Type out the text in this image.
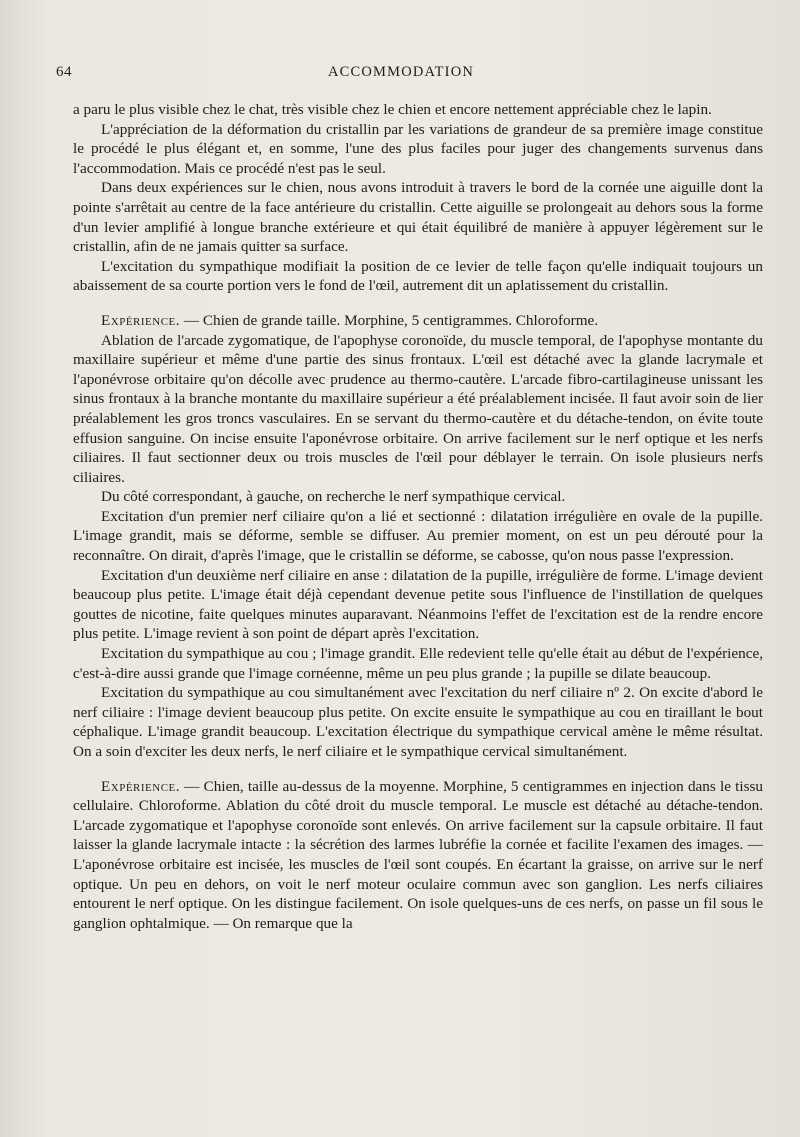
64	ACCOMMODATION

a paru le plus visible chez le chat, très visible chez le chien et encore nettement appréciable chez le lapin.

L'appréciation de la déformation du cristallin par les variations de grandeur de sa première image constitue le procédé le plus élégant et, en somme, l'une des plus faciles pour juger des changements survenus dans l'accommodation. Mais ce procédé n'est pas le seul.

Dans deux expériences sur le chien, nous avons introduit à travers le bord de la cornée une aiguille dont la pointe s'arrêtait au centre de la face antérieure du cristallin. Cette aiguille se prolongeait au dehors sous la forme d'un levier amplifié à longue branche extérieure et qui était équilibré de manière à appuyer légèrement sur le cristallin, afin de ne jamais quitter sa surface.

L'excitation du sympathique modifiait la position de ce levier de telle façon qu'elle indiquait toujours un abaissement de sa courte portion vers le fond de l'œil, autrement dit un aplatissement du cristallin.

Expérience. — Chien de grande taille. Morphine, 5 centigrammes. Chloroforme.

Ablation de l'arcade zygomatique, de l'apophyse coronoïde, du muscle temporal, de l'apophyse montante du maxillaire supérieur et même d'une partie des sinus frontaux. L'œil est détaché avec la glande lacrymale et l'aponévrose orbitaire qu'on décolle avec prudence au thermo-cautère. L'arcade fibro-cartilagineuse unissant les sinus frontaux à la branche montante du maxillaire supérieur a été préalablement incisée. Il faut avoir soin de lier préalablement les gros troncs vasculaires. En se servant du thermo-cautère et du détache-tendon, on évite toute effusion sanguine. On incise ensuite l'aponévrose orbitaire. On arrive facilement sur le nerf optique et les nerfs ciliaires. Il faut sectionner deux ou trois muscles de l'œil pour déblayer le terrain. On isole plusieurs nerfs ciliaires.

Du côté correspondant, à gauche, on recherche le nerf sympathique cervical.

Excitation d'un premier nerf ciliaire qu'on a lié et sectionné : dilatation irrégulière en ovale de la pupille. L'image grandit, mais se déforme, semble se diffuser. Au premier moment, on est un peu dérouté pour la reconnaître. On dirait, d'après l'image, que le cristallin se déforme, se cabosse, qu'on nous passe l'expression.

Excitation d'un deuxième nerf ciliaire en anse : dilatation de la pupille, irrégulière de forme. L'image devient beaucoup plus petite. L'image était déjà cependant devenue petite sous l'influence de l'instillation de quelques gouttes de nicotine, faite quelques minutes auparavant. Néanmoins l'effet de l'excitation est de la rendre encore plus petite. L'image revient à son point de départ après l'excitation.

Excitation du sympathique au cou ; l'image grandit. Elle redevient telle qu'elle était au début de l'expérience, c'est-à-dire aussi grande que l'image cornéenne, même un peu plus grande ; la pupille se dilate beaucoup.

Excitation du sympathique au cou simultanément avec l'excitation du nerf ciliaire nº 2. On excite d'abord le nerf ciliaire : l'image devient beaucoup plus petite. On excite ensuite le sympathique au cou en tiraillant le bout céphalique. L'image grandit beaucoup. L'excitation électrique du sympathique cervical amène le même résultat. On a soin d'exciter les deux nerfs, le nerf ciliaire et le sympathique cervical simultanément.

Expérience. — Chien, taille au-dessus de la moyenne. Morphine, 5 centigrammes en injection dans le tissu cellulaire. Chloroforme. Ablation du côté droit du muscle temporal. Le muscle est détaché au détache-tendon. L'arcade zygomatique et l'apophyse coronoïde sont enlevés. On arrive facilement sur la capsule orbitaire. Il faut laisser la glande lacrymale intacte : la sécrétion des larmes lubréfie la cornée et facilite l'examen des images. — L'aponévrose orbitaire est incisée, les muscles de l'œil sont coupés. En écartant la graisse, on arrive sur le nerf optique. Un peu en dehors, on voit le nerf moteur oculaire commun avec son ganglion. Les nerfs ciliaires entourent le nerf optique. On les distingue facilement. On isole quelques-uns de ces nerfs, on passe un fil sous le ganglion ophtalmique. — On remarque que la
